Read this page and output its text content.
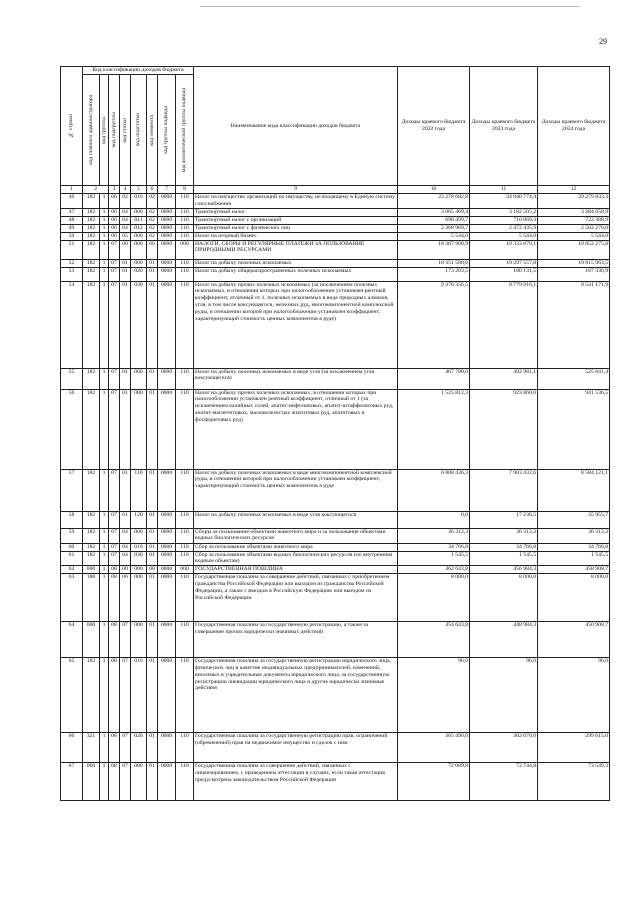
29
№ строки	Код классификации доходов бюджета								Наименование кода классификации доходов бюджета	Доходы краевого бюджета 2022 года	Доходы краевого бюджета 2023 года	Доходы краевого бюджета 2024 года

	код главного администратора	код группы	код подгруппы	код статьи	код подстатьи	код элемента	код группы подвида	код аналитической группы подвида				

1	2		3	4	5	6	7	8	9	10	11	12
46	182	1	06	02	010	02	0000	110	Налог на имущество организаций по имуществу, не входящему в Единую систему газоснабжения	23 278 682,8	24 940 774,4	29 279 833,3
47	182	1	06	04	000	02	0000	110	Транспортный налог	3 065 469,4	3 182 505,2	3 284 658,9
48	182	1	06	04	011	02	0000	110	Транспортный налог с организаций	696 499,7	710 069,3	722 388,9
49	182	1	06	04	012	02	0000	110	Транспортный налог с физических лиц	2 368 969,7	2 472 435,9	2 562 270,0
50	182	1	06	05	000	02	0000	110	Налог на игорный бизнес	5 544,0	5 544,0	5 544,0
51	182	1	07	00	000	00	0000	000	НАЛОГИ, СБОРЫ И РЕГУЛЯРНЫЕ ПЛАТЕЖИ ЗА ПОЛЬЗОВАНИЕ ПРИРОДНЫМИ РЕСУРСАМИ	18 387 900,9	19 333 870,1	19 852 275,8
52	182	1	07	01	000	01	0000	110	Налог на добычу полезных ископаемых	18 351 588,6	19 297 557,8	19 815 963,5
53	182	1	07	01	020	01	0000	110	Налог на добычу общераспространенных полезных ископаемых	173 203,5	180 131,5	187 336,9
54	182	1	07	01	030	01	0000	110	Налог на добычу прочих полезных ископаемых (за исключением полезных ископаемых, в отношении которых при налогообложении установлен рентный коэффициент, отличный от 1, полезных ископаемых в виде природных алмазов, угля, в том числе коксующегося, железных руд, многокомпонентной комплексной руды, в отношении которой при налогообложении установлен коэффициент, характеризующий стоимость ценных компонентов в руде)	9 376 356,5	9 779 916,1	9 541 171,9
55	182	1	07	01	060	01	0000	110	Налог на добычу полезных ископаемых в виде угля (за исключением угля коксующегося)	467 780,0	492 981,1	525 841,4
56	182	1	07	01	080	01	0000	110	Налог на добычу прочих полезных ископаемых, в отношении которых при налогообложении установлен рентный коэффициент, отличный от 1 (за исключением калийных солей, апатит-нефелиновых, апатит-штаффелитовых руд, апатит-магнетитовых, маложелезистых апатитовых руд, апатитовых и фосфоритовых руд)	1 525 812,3	923 860,0	941 536,5
57	182	1	07	01	110	01	0000	110	Налог на добычу полезных ископаемых в виде многокомпонентной комплексной руды, в отношении которой при налогообложении установлен коэффициент, характеризующий стоимость ценных компонентов в руде	6 808 436,3	7 903 432,6	8 584 121,1
58	182	1	07	01	120	01	0000	110	Налог на добычу полезных ископаемых в виде угля коксующегося	0,0	17 236,5	35 955,7
59	182	1	07	04	000	01	0000	110	Сборы за пользование объектами животного мира и за пользование объектами водных биологических ресурсов	36 312,3	36 312,3	36 312,3
60	182	1	07	04	010	01	0000	110	Сбор за пользование объектами животного мира	34 766,8	34 766,8	34 766,8
61	182	1	07	04	030	01	0000	110	Сбор за пользование объектами водных биологических ресурсов (по внутренним водным объектам)	1 545,5	1 545,5	1 545,5
62	000	1	08	00	000	00	0000	000	ГОСУДАРСТВЕННАЯ ПОШЛИНА	462 643,8	456 984,3	458 908,7
63	188	1	08	06	000	01	0000	110	Государственная пошлина за совершение действий, связанных с приобретением гражданства Российской Федерации или выходом из гражданства Российской Федерации, а также с въездом в Российскую Федерацию или выездом из Российской Федерации	8 000,0	8 000,0	8 000,0
64	000	1	08	07	000	01	0000	110	Государственная пошлина за государственную регистрацию, а также за совершение прочих юридически значимых действий	454 643,8	448 984,3	450 908,7
65	182	1	08	07	010	01	0000	110	Государственная пошлина за государственную регистрацию юридического лица, физических лиц в качестве индивидуальных предпринимателей, изменений, вносимых в учредительные документы юридического лица, за государственную регистрацию ликвидации юридического лица и другие юридически значимые действия	96,0	96,0	96,0
66	321	1	08	07	020	01	0000	110	Государственная пошлина за государственную регистрацию прав, ограничений (обременений) прав на недвижимое имущество и сделок с ним	305 490,0	302 070,0	299 615,0
67	000	1	08	07	080	01	0000	110	Государственная пошлина за совершение действий, связанных с лицензированием, с проведением аттестации в случаях, если такая аттестация предусмотрена законодательством Российской Федерации	72 089,8	72 744,8	73 549,3
